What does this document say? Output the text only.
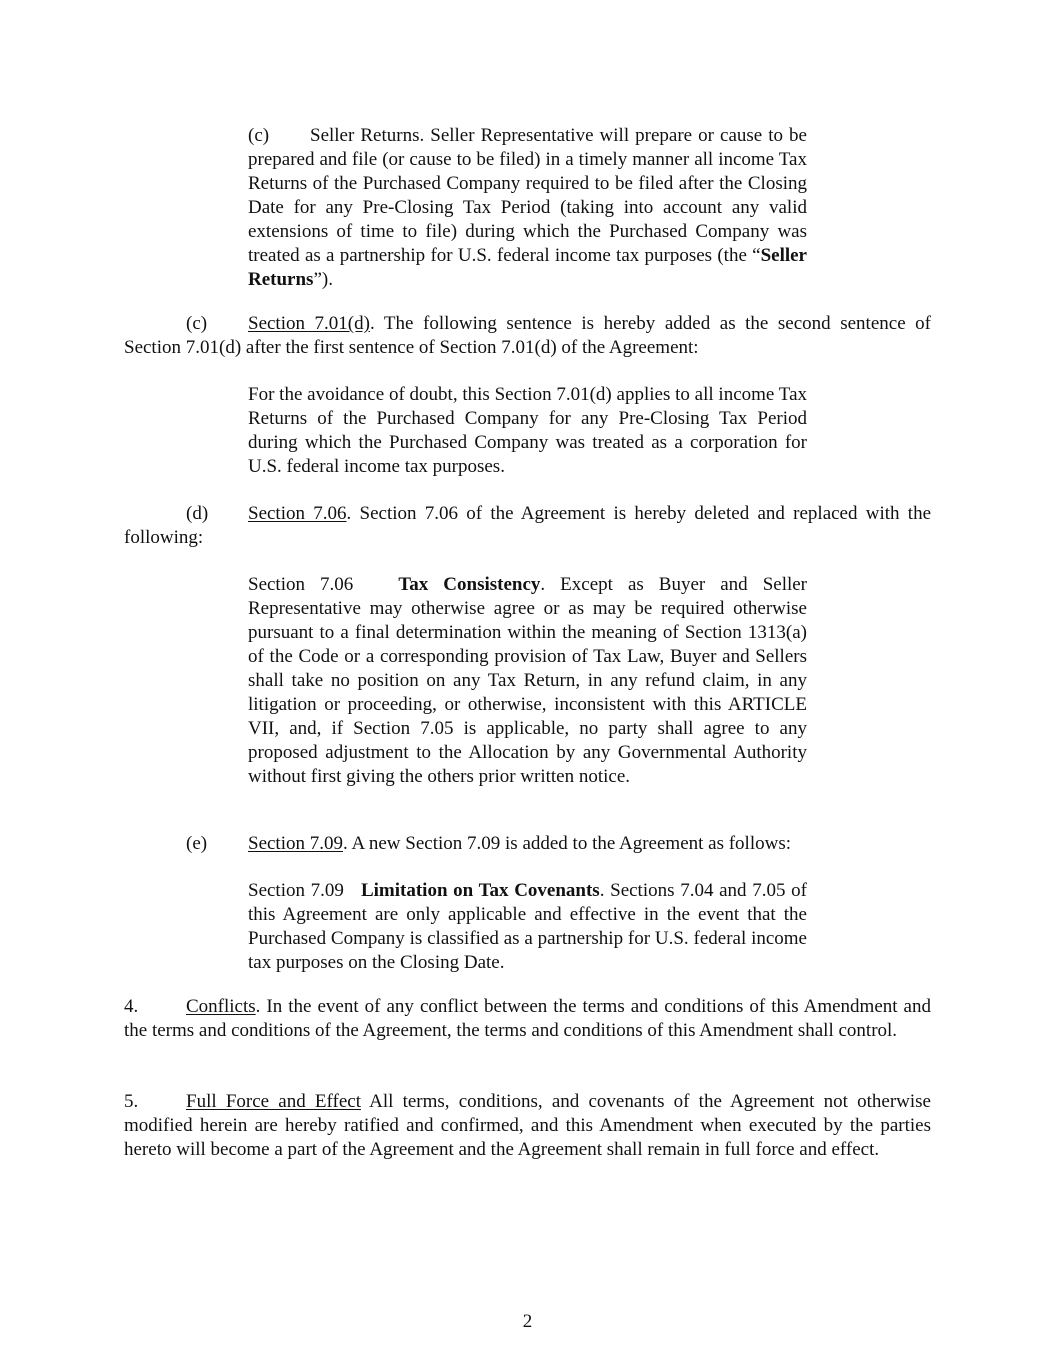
(c) Seller Returns. Seller Representative will prepare or cause to be prepared and file (or cause to be filed) in a timely manner all income Tax Returns of the Purchased Company required to be filed after the Closing Date for any Pre-Closing Tax Period (taking into account any valid extensions of time to file) during which the Purchased Company was treated as a partnership for U.S. federal income tax purposes (the “Seller Returns”).

(c) Section 7.01(d). The following sentence is hereby added as the second sentence of Section 7.01(d) after the first sentence of Section 7.01(d) of the Agreement:

For the avoidance of doubt, this Section 7.01(d) applies to all income Tax Returns of the Purchased Company for any Pre-Closing Tax Period during which the Purchased Company was treated as a corporation for U.S. federal income tax purposes.

(d) Section 7.06. Section 7.06 of the Agreement is hereby deleted and replaced with the following:

Section 7.06 Tax Consistency. Except as Buyer and Seller Representative may otherwise agree or as may be required otherwise pursuant to a final determination within the meaning of Section 1313(a) of the Code or a corresponding provision of Tax Law, Buyer and Sellers shall take no position on any Tax Return, in any refund claim, in any litigation or proceeding, or otherwise, inconsistent with this ARTICLE VII, and, if Section 7.05 is applicable, no party shall agree to any proposed adjustment to the Allocation by any Governmental Authority without first giving the others prior written notice.

(e) Section 7.09. A new Section 7.09 is added to the Agreement as follows:

Section 7.09 Limitation on Tax Covenants. Sections 7.04 and 7.05 of this Agreement are only applicable and effective in the event that the Purchased Company is classified as a partnership for U.S. federal income tax purposes on the Closing Date.

4.	Conflicts. In the event of any conflict between the terms and conditions of this Amendment and the terms and conditions of the Agreement, the terms and conditions of this Amendment shall control.

5.	Full Force and Effect All terms, conditions, and covenants of the Agreement not otherwise modified herein are hereby ratified and confirmed, and this Amendment when executed by the parties hereto will become a part of the Agreement and the Agreement shall remain in full force and effect.

2
